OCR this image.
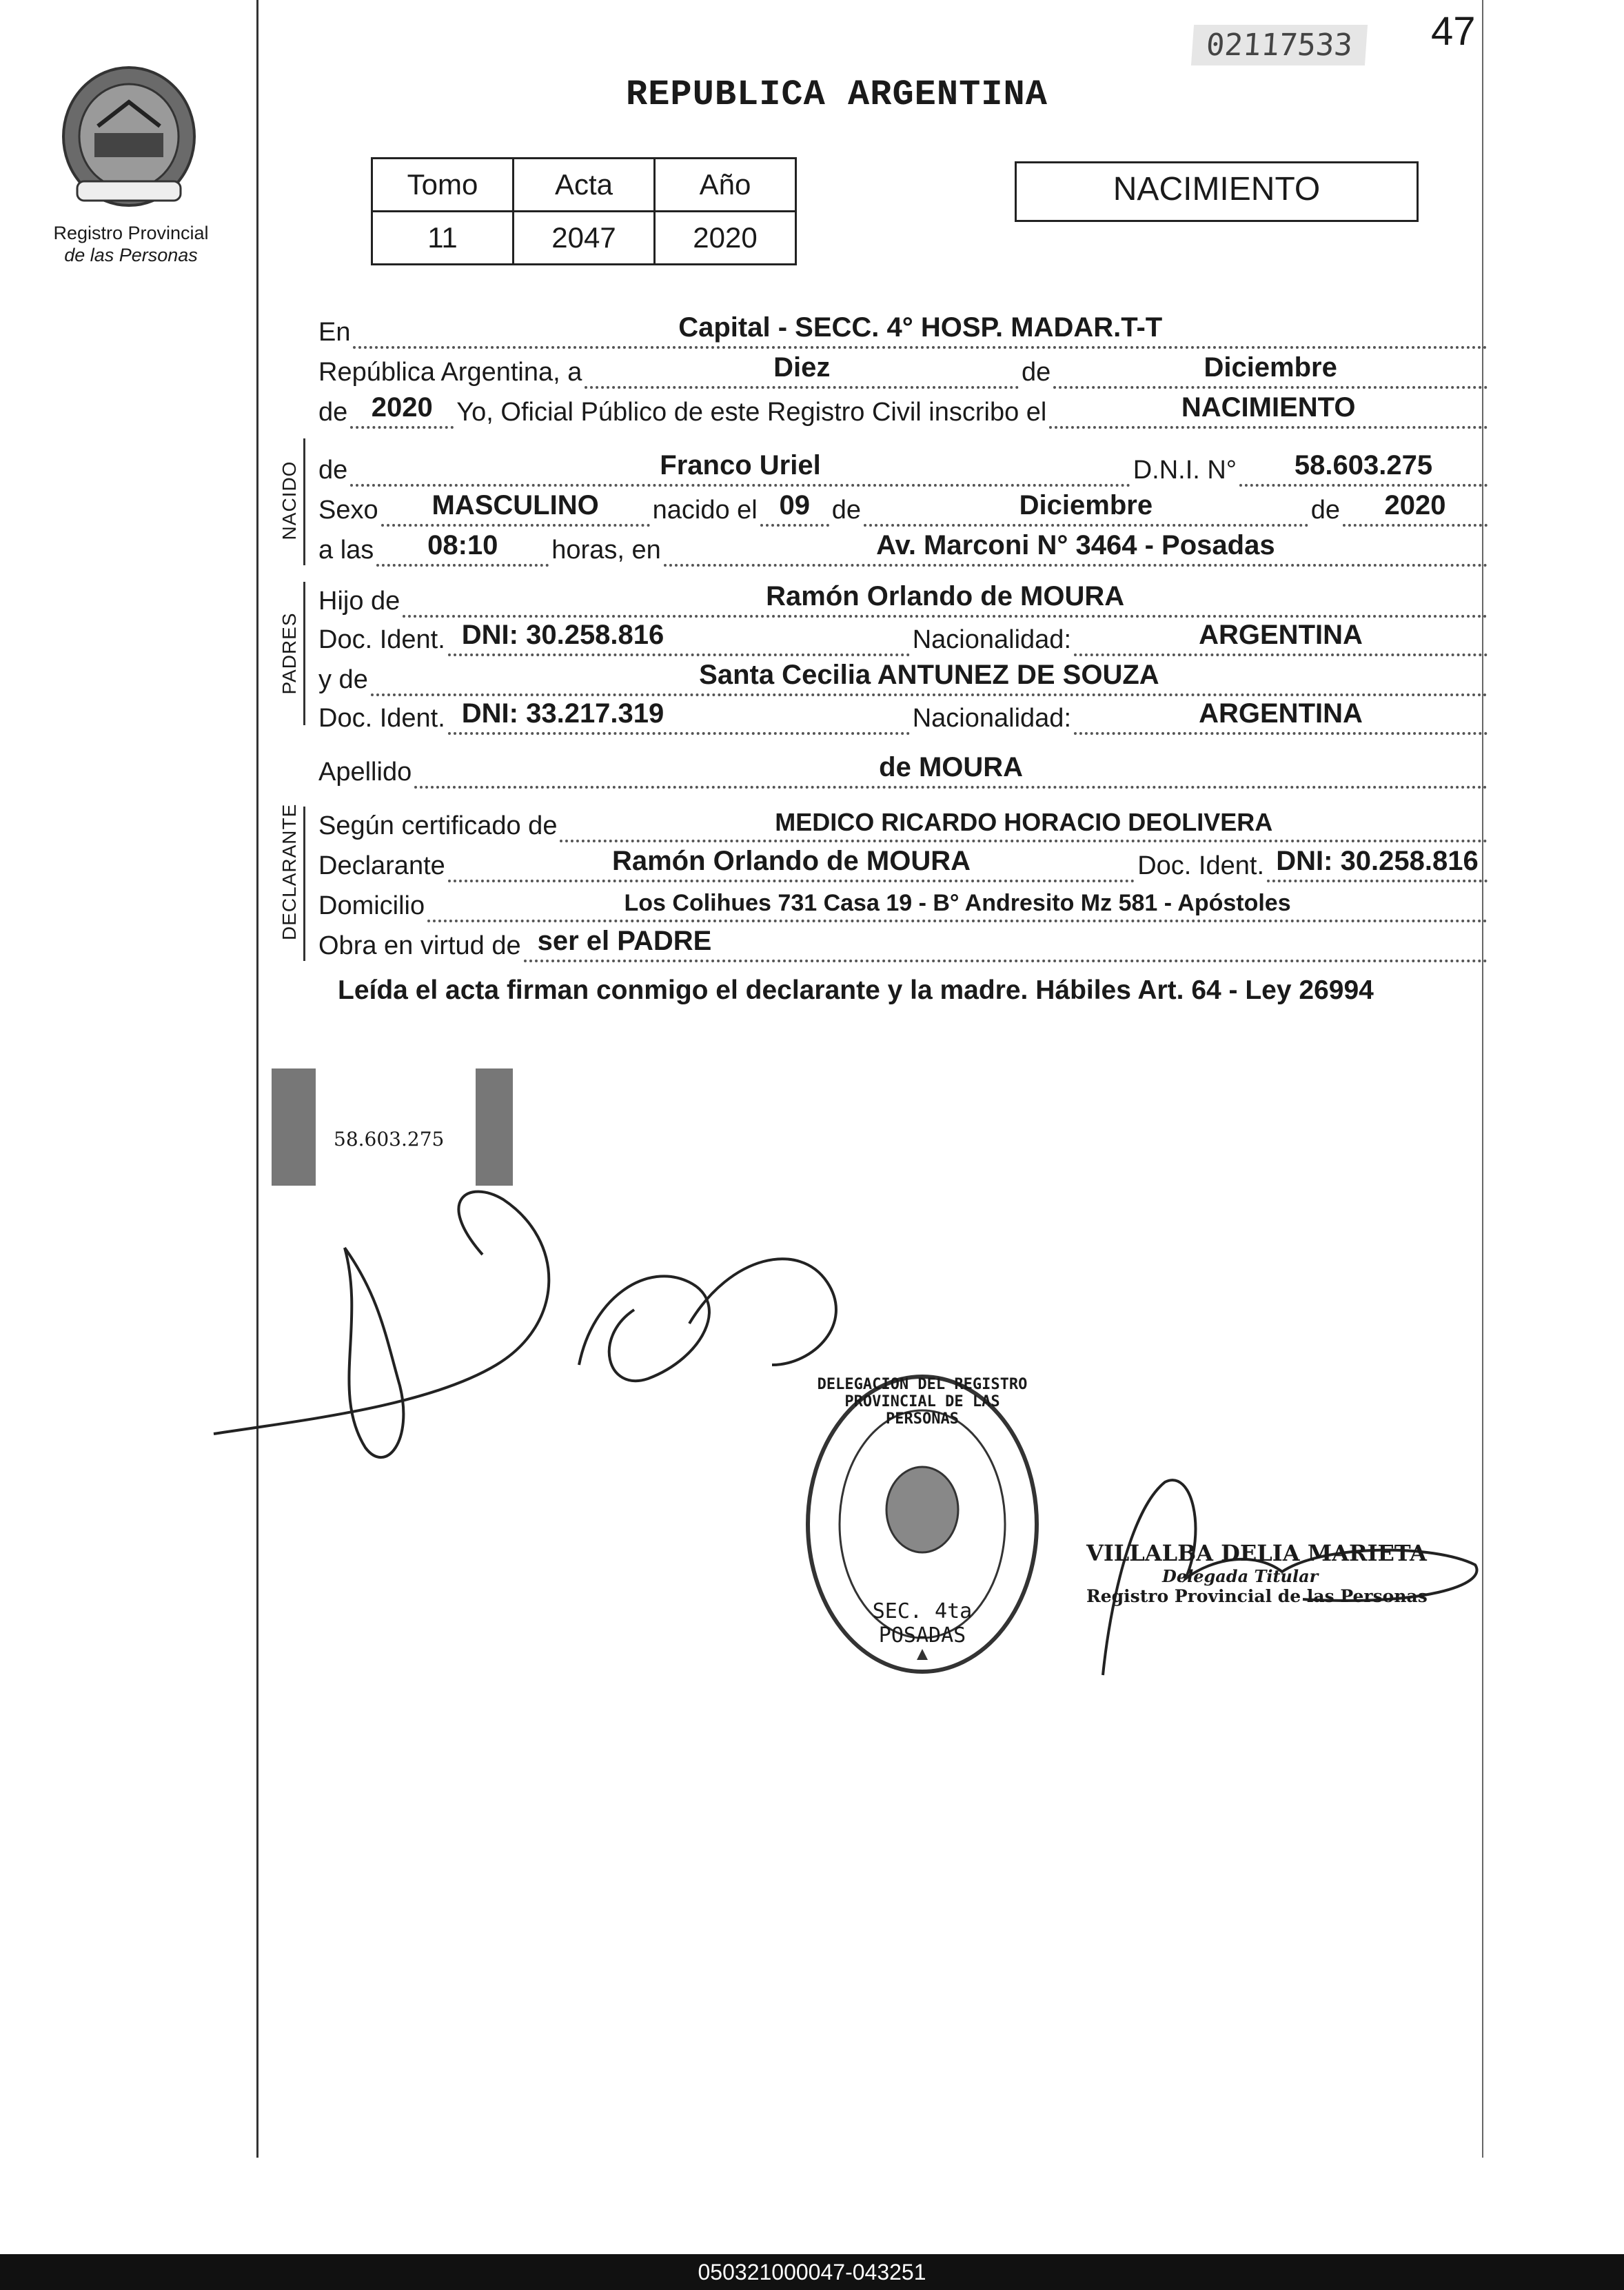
Registro Provincial
de las Personas
REPUBLICA ARGENTINA
02117533	47
Tomo	Acta	Año
11	2047	2020
NACIMIENTO
En	Capital - SECC. 4° HOSP. MADAR.T-T
República Argentina, a	Diez	de	Diciembre
de 2020 Yo, Oficial Público de este Registro Civil inscribo el	NACIMIENTO
NACIDO de	Franco Uriel	D.N.I. N° 58.603.275
Sexo MASCULINO nacido el 09 de	Diciembre	de 2020
a las 08:10 horas, en	Av. Marconi N° 3464 - Posadas
PADRES
Hijo de	Ramón Orlando de MOURA
Doc. Ident. DNI: 30.258.816	Nacionalidad:	ARGENTINA
y de	Santa Cecilia ANTUNEZ DE SOUZA
Doc. Ident. DNI: 33.217.319	Nacionalidad:	ARGENTINA
Apellido	de MOURA
DECLARANTE Según certificado de	MEDICO RICARDO HORACIO DEOLIVERA
Declarante	Ramón Orlando de MOURA	Doc. Ident. DNI: 30.258.816
Domicilio	Los Colihues 731 Casa 19 - B° Andresito Mz 581 - Apóstoles
Obra en virtud de ser el PADRE
Leída el acta firman conmigo el declarante y la madre. Hábiles Art. 64 - Ley 26994
58.603.275
DELEGACION DEL REGISTRO PROVINCIAL DE LAS PERSONAS
SEC. 4ta POSADAS
VILLALBA DELIA MARIETA
Delegada Titular
Registro Provincial de las Personas
050321000047-043251
